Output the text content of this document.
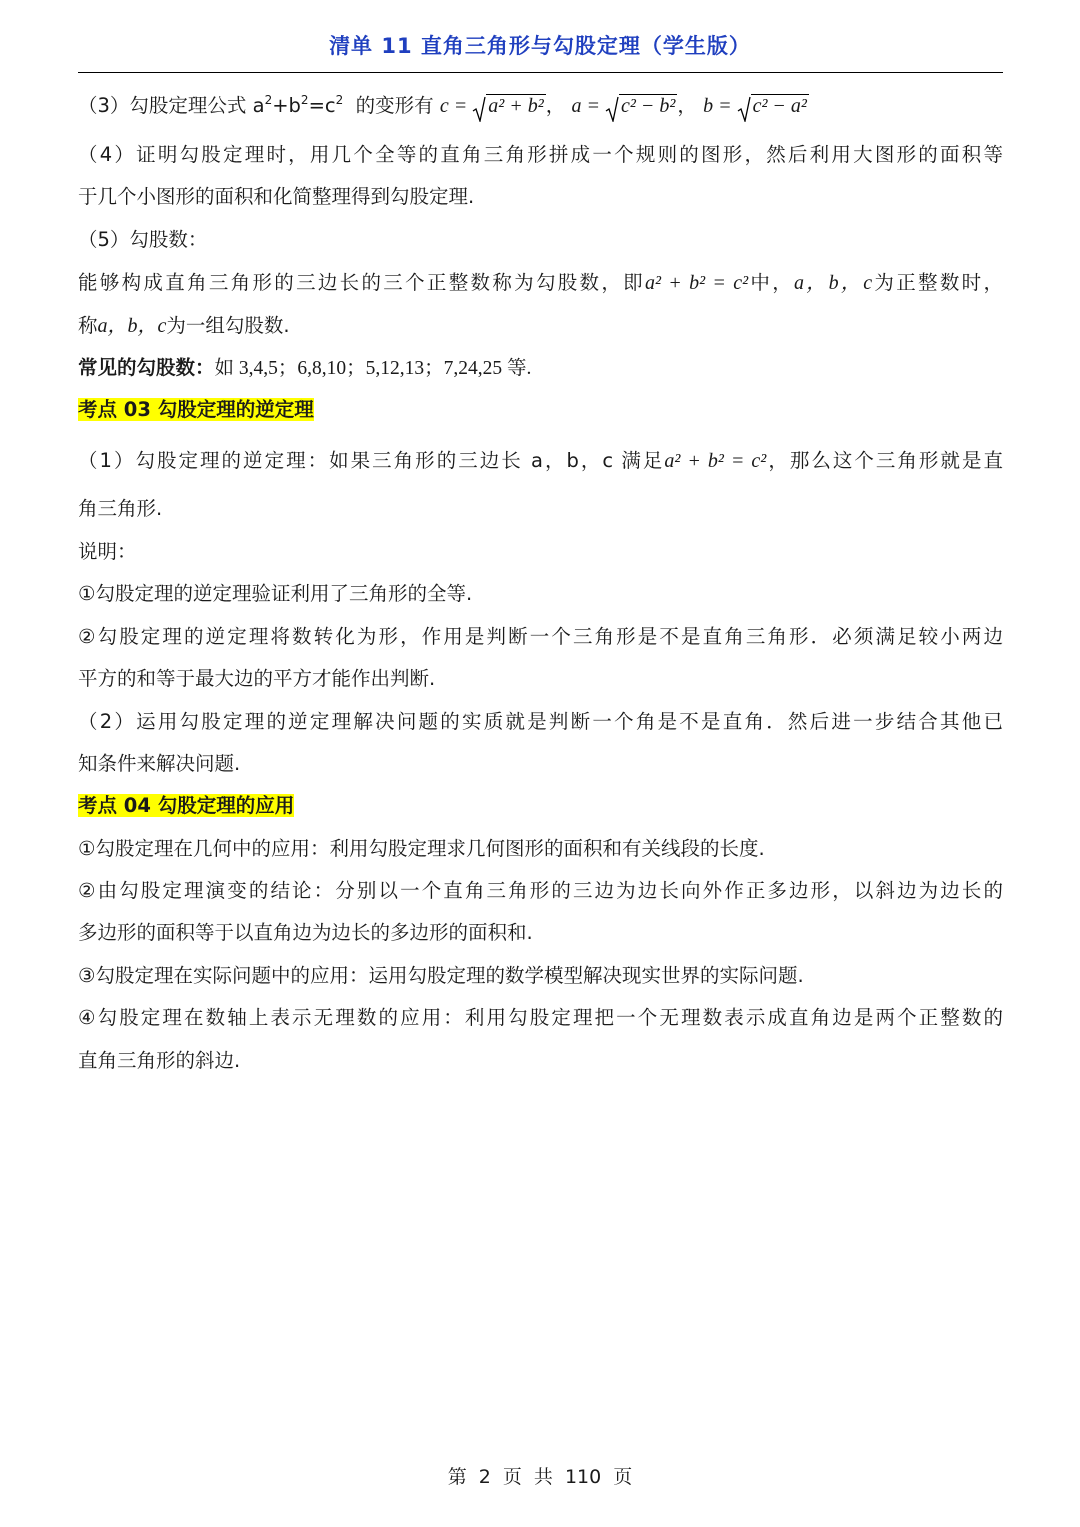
清单 11 直角三角形与勾股定理（学生版）
（3）勾股定理公式 $a^2+b^2=c^2$  的变形有 c =
a² + b² ， a =
c² − b² ， b =
c² − a²
（4）证明勾股定理时，用几个全等的直角三角形拼成一个规则的图形，然后利用大图形的面积等
于几个小图形的面积和化简整理得到勾股定理.
（5）勾股数：
能够构成直角三角形的三边长的三个正整数称为勾股数，即a² + b² = c²中，a，b，c为正整数时，
称a，b，c为一组勾股数.
常见的勾股数：如 3,4,5；6,8,10；5,12,13；7,24,25 等.
考点 03 勾股定理的逆定理
（1）勾股定理的逆定理：如果三角形的三边长 a，b，c 满足a² + b² = c²，那么这个三角形就是直
角三角形.
说明：
①勾股定理的逆定理验证利用了三角形的全等.
②勾股定理的逆定理将数转化为形，作用是判断一个三角形是不是直角三角形．必须满足较小两边
平方的和等于最大边的平方才能作出判断.
（2）运用勾股定理的逆定理解决问题的实质就是判断一个角是不是直角．然后进一步结合其他已
知条件来解决问题.
考点 04 勾股定理的应用
①勾股定理在几何中的应用：利用勾股定理求几何图形的面积和有关线段的长度.
②由勾股定理演变的结论：分别以一个直角三角形的三边为边长向外作正多边形，以斜边为边长的
多边形的面积等于以直角边为边长的多边形的面积和.
③勾股定理在实际问题中的应用：运用勾股定理的数学模型解决现实世界的实际问题.
④勾股定理在数轴上表示无理数的应用：利用勾股定理把一个无理数表示成直角边是两个正整数的
直角三角形的斜边.
第 2 页 共 110 页
